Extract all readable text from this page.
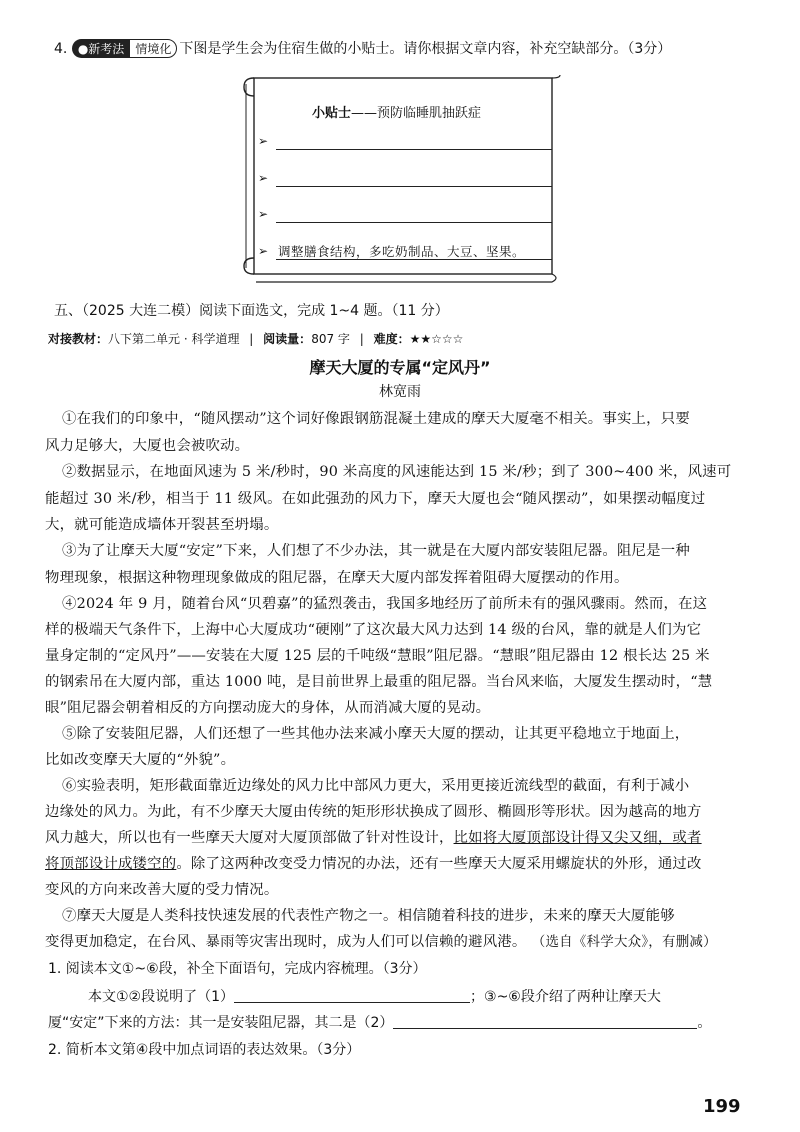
4. ●新考法 情境化 下图是学生会为住宿生做的小贴士。请你根据文章内容，补充空缺部分。（3分）
小贴士——预防临睡肌抽跃症
➢
➢
➢
➢ 调整膳食结构，多吃奶制品、大豆、坚果。
五、（2025 大连二模）阅读下面选文，完成 1~4 题。（11 分）
对接教材：八下第二单元 · 科学道理 | 阅读量：807 字 | 难度：★★☆☆☆
摩天大厦的专属“定风丹”
林宽雨
①在我们的印象中，“随风摆动”这个词好像跟钢筋混凝土建成的摩天大厦毫不相关。事实上，只要
风力足够大，大厦也会被吹动。
②数据显示，在地面风速为 5 米/秒时，90 米高度的风速能达到 15 米/秒；到了 300~400 米，风速可
能超过 30 米/秒，相当于 11 级风。在如此强劲的风力下，摩天大厦也会“随风摆动”，如果摆动幅度过
大，就可能造成墙体开裂甚至坍塌。
③为了让摩天大厦“安定”下来，人们想了不少办法，其一就是在大厦内部安装阻尼器。阻尼是一种
物理现象，根据这种物理现象做成的阻尼器，在摩天大厦内部发挥着阻碍大厦摆动的作用。
④2024 年 9 月，随着台风“贝碧嘉”的猛烈袭击，我国多地经历了前所未有的强风骤雨。然而，在这
样的极端天气条件下，上海中心大厦成功“硬刚”了这次最大风力达到 14 级的台风，靠的就是人们为它
量身定制的“定风丹”——安装在大厦 125 层的千吨级“慧眼”阻尼器。“慧眼”阻尼器由 12 根长达 25 米
的钢索吊在大厦内部，重达 1000 吨，是目前世界上最重的阻尼器。当台风来临，大厦发生摆动时，“慧
眼”阻尼器会朝着相反的方向摆动庞大的身体，从而消减大厦的晃动。
⑤除了安装阻尼器，人们还想了一些其他办法来减小摩天大厦的摆动，让其更平稳地立于地面上，
比如改变摩天大厦的“外貌”。
⑥实验表明，矩形截面靠近边缘处的风力比中部风力更大，采用更接近流线型的截面，有利于减小
边缘处的风力。为此，有不少摩天大厦由传统的矩形形状换成了圆形、椭圆形等形状。因为越高的地方
风力越大，所以也有一些摩天大厦对大厦顶部做了针对性设计，比如将大厦顶部设计得又尖又细，或者
将顶部设计成镂空的。除了这两种改变受力情况的办法，还有一些摩天大厦采用螺旋状的外形，通过改
变风的方向来改善大厦的受力情况。
⑦摩天大厦是人类科技快速发展的代表性产物之一。相信随着科技的进步，未来的摩天大厦能够
变得更加稳定，在台风、暴雨等灾害出现时，成为人们可以信赖的避风港。 （选自《科学大众》，有删减）
1. 阅读本文①~⑥段，补全下面语句，完成内容梳理。（3分）
本文①②段说明了（1）	；③~⑥段介绍了两种让摩天大
厦“安定”下来的方法：其一是安装阻尼器，其二是（2）	。
2. 简析本文第④段中加点词语的表达效果。（3分）
199
